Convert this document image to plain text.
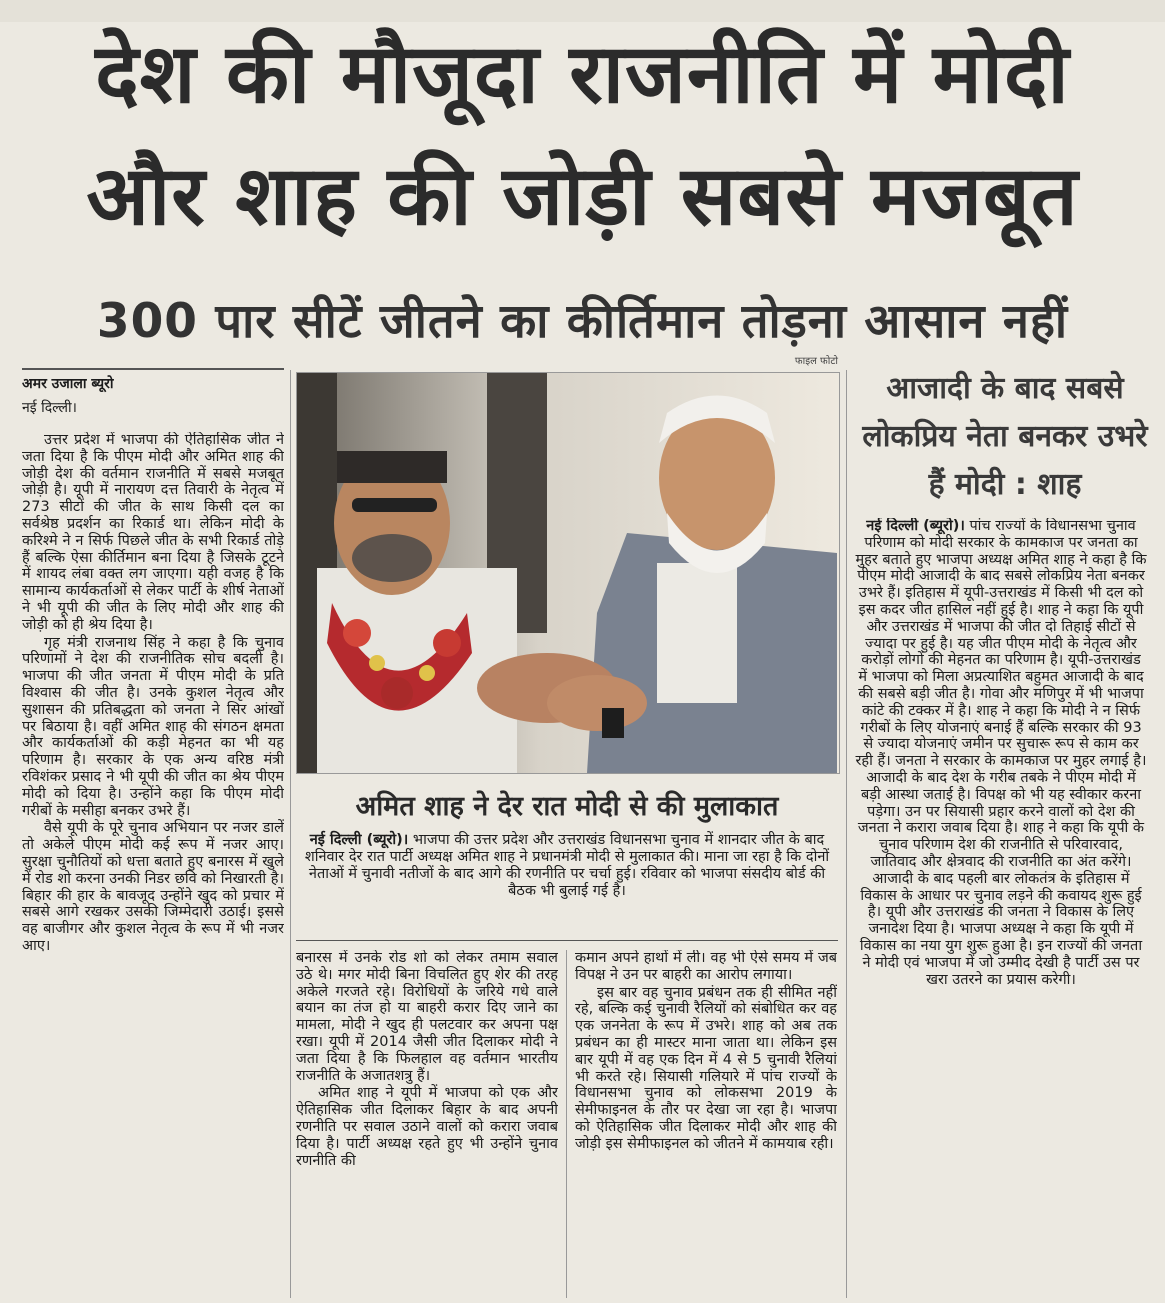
देश की मौजूदा राजनीति में मोदी
और शाह की जोड़ी सबसे मजबूत
300 पार सीटें जीतने का कीर्तिमान तोड़ना आसान नहीं
अमर उजाला ब्यूरो
नई दिल्ली।

उत्तर प्रदेश में भाजपा की ऐतिहासिक जीत ने जता दिया है कि पीएम मोदी और अमित शाह की जोड़ी देश की वर्तमान राजनीति में सबसे मजबूत जोड़ी है। यूपी में नारायण दत्त तिवारी के नेतृत्व में 273 सीटों की जीत के साथ किसी दल का सर्वश्रेष्ठ प्रदर्शन का रिकार्ड था। लेकिन मोदी के करिश्मे ने न सिर्फ पिछले जीत के सभी रिकार्ड तोड़े हैं बल्कि ऐसा कीर्तिमान बना दिया है जिसके टूटने में शायद लंबा वक्त लग जाएगा। यही वजह है कि सामान्य कार्यकर्ताओं से लेकर पार्टी के शीर्ष नेताओं ने भी यूपी की जीत के लिए मोदी और शाह की जोड़ी को ही श्रेय दिया है।

गृह मंत्री राजनाथ सिंह ने कहा है कि चुनाव परिणामों ने देश की राजनीतिक सोच बदली है। भाजपा की जीत जनता में पीएम मोदी के प्रति विश्वास की जीत है। उनके कुशल नेतृत्व और सुशासन की प्रतिबद्धता को जनता ने सिर आंखों पर बिठाया है। वहीं अमित शाह की संगठन क्षमता और कार्यकर्ताओं की कड़ी मेहनत का भी यह परिणाम है। सरकार के एक अन्य वरिष्ठ मंत्री रविशंकर प्रसाद ने भी यूपी की जीत का श्रेय पीएम मोदी को दिया है। उन्होंने कहा कि पीएम मोदी गरीबों के मसीहा बनकर उभरे हैं।

वैसे यूपी के पूरे चुनाव अभियान पर नजर डालें तो अकेले पीएम मोदी कई रूप में नजर आए। सुरक्षा चुनौतियों को धत्ता बताते हुए बनारस में खुले में रोड शो करना उनकी निडर छवि को निखारती है। बिहार की हार के बावजूद उन्होंने खुद को प्रचार में सबसे आगे रखकर उसकी जिम्मेदारी उठाई। इससे वह बाजीगर और कुशल नेतृत्व के रूप में भी नजर आए।

फाइल फोटो
अमित शाह ने देर रात मोदी से की मुलाकात
नई दिल्ली (ब्यूरो)। भाजपा की उत्तर प्रदेश और उत्तराखंड विधानसभा चुनाव में शानदार जीत के बाद शनिवार देर रात पार्टी अध्यक्ष अमित शाह ने प्रधानमंत्री मोदी से मुलाकात की। माना जा रहा है कि दोनों नेताओं में चुनावी नतीजों के बाद आगे की रणनीति पर चर्चा हुई। रविवार को भाजपा संसदीय बोर्ड की बैठक भी बुलाई गई है।

बनारस में उनके रोड शो को लेकर तमाम सवाल उठे थे। मगर मोदी बिना विचलित हुए शेर की तरह अकेले गरजते रहे। विरोधियों के जरिये गधे वाले बयान का तंज हो या बाहरी करार दिए जाने का मामला, मोदी ने खुद ही पलटवार कर अपना पक्ष रखा। यूपी में 2014 जैसी जीत दिलाकर मोदी ने जता दिया है कि फिलहाल वह वर्तमान भारतीय राजनीति के अजातशत्रु हैं।

अमित शाह ने यूपी में भाजपा को एक और ऐतिहासिक जीत दिलाकर बिहार के बाद अपनी रणनीति पर सवाल उठाने वालों को करारा जवाब दिया है। पार्टी अध्यक्ष रहते हुए भी उन्होंने चुनाव रणनीति की

कमान अपने हाथों में ली। वह भी ऐसे समय में जब विपक्ष ने उन पर बाहरी का आरोप लगाया।

इस बार वह चुनाव प्रबंधन तक ही सीमित नहीं रहे, बल्कि कई चुनावी रैलियों को संबोधित कर वह एक जननेता के रूप में उभरे। शाह को अब तक प्रबंधन का ही मास्टर माना जाता था। लेकिन इस बार यूपी में वह एक दिन में 4 से 5 चुनावी रैलियां भी करते रहे। सियासी गलियारे में पांच राज्यों के विधानसभा चुनाव को लोकसभा 2019 के सेमीफाइनल के तौर पर देखा जा रहा है। भाजपा को ऐतिहासिक जीत दिलाकर मोदी और शाह की जोड़ी इस सेमीफाइनल को जीतने में कामयाब रही।

आजादी के बाद सबसे लोकप्रिय नेता बनकर उभरे हैं मोदी : शाह

नई दिल्ली (ब्यूरो)। पांच राज्यों के विधानसभा चुनाव परिणाम को मोदी सरकार के कामकाज पर जनता का मुहर बताते हुए भाजपा अध्यक्ष अमित शाह ने कहा है कि पीएम मोदी आजादी के बाद सबसे लोकप्रिय नेता बनकर उभरे हैं। इतिहास में यूपी-उत्तराखंड में किसी भी दल को इस कदर जीत हासिल नहीं हुई है। शाह ने कहा कि यूपी और उत्तराखंड में भाजपा की जीत दो तिहाई सीटों से ज्यादा पर हुई है। यह जीत पीएम मोदी के नेतृत्व और करोड़ों लोगों की मेहनत का परिणाम है। यूपी-उत्तराखंड में भाजपा को मिला अप्रत्याशित बहुमत आजादी के बाद की सबसे बड़ी जीत है। गोवा और मणिपुर में भी भाजपा कांटे की टक्कर में है। शाह ने कहा कि मोदी ने न सिर्फ गरीबों के लिए योजनाएं बनाई हैं बल्कि सरकार की 93 से ज्यादा योजनाएं जमीन पर सुचारू रूप से काम कर रही हैं। जनता ने सरकार के कामकाज पर मुहर लगाई है। आजादी के बाद देश के गरीब तबके ने पीएम मोदी में बड़ी आस्था जताई है। विपक्ष को भी यह स्वीकार करना पड़ेगा। उन पर सियासी प्रहार करने वालों को देश की जनता ने करारा जवाब दिया है। शाह ने कहा कि यूपी के चुनाव परिणाम देश की राजनीति से परिवारवाद, जातिवाद और क्षेत्रवाद की राजनीति का अंत करेंगे। आजादी के बाद पहली बार लोकतंत्र के इतिहास में विकास के आधार पर चुनाव लड़ने की कवायद शुरू हुई है। यूपी और उत्तराखंड की जनता ने विकास के लिए जनादेश दिया है। भाजपा अध्यक्ष ने कहा कि यूपी में विकास का नया युग शुरू हुआ है। इन राज्यों की जनता ने मोदी एवं भाजपा में जो उम्मीद देखी है पार्टी उस पर खरा उतरने का प्रयास करेगी।
